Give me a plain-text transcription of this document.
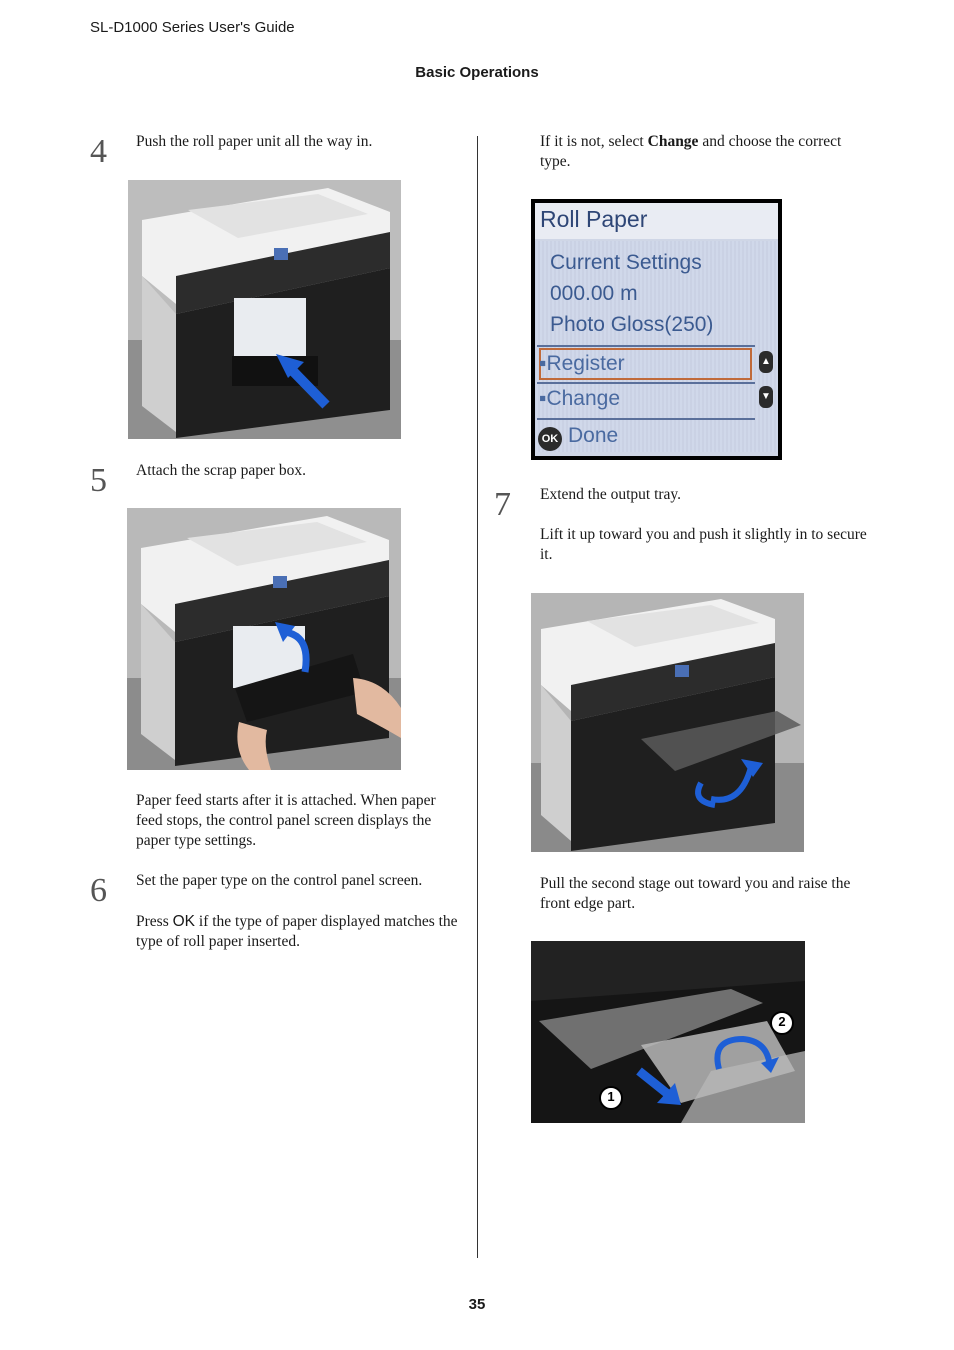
SL-D1000 Series User's Guide
Basic Operations
4 Push the roll paper unit all the way in.
5 Attach the scrap paper box.
Paper feed starts after it is attached. When paper feed stops, the control panel screen displays the paper type settings.
6 Set the paper type on the control panel screen.
Press OK if the type of paper displayed matches the type of roll paper inserted.
If it is not, select Change and choose the correct type.
Roll Paper
Current Settings
000.00 m
Photo Gloss(250)
▪Register	▲
▪Change	▼
OK Done
7 Extend the output tray.
Lift it up toward you and push it slightly in to secure it.
Pull the second stage out toward you and raise the front edge part.
1
2
35
